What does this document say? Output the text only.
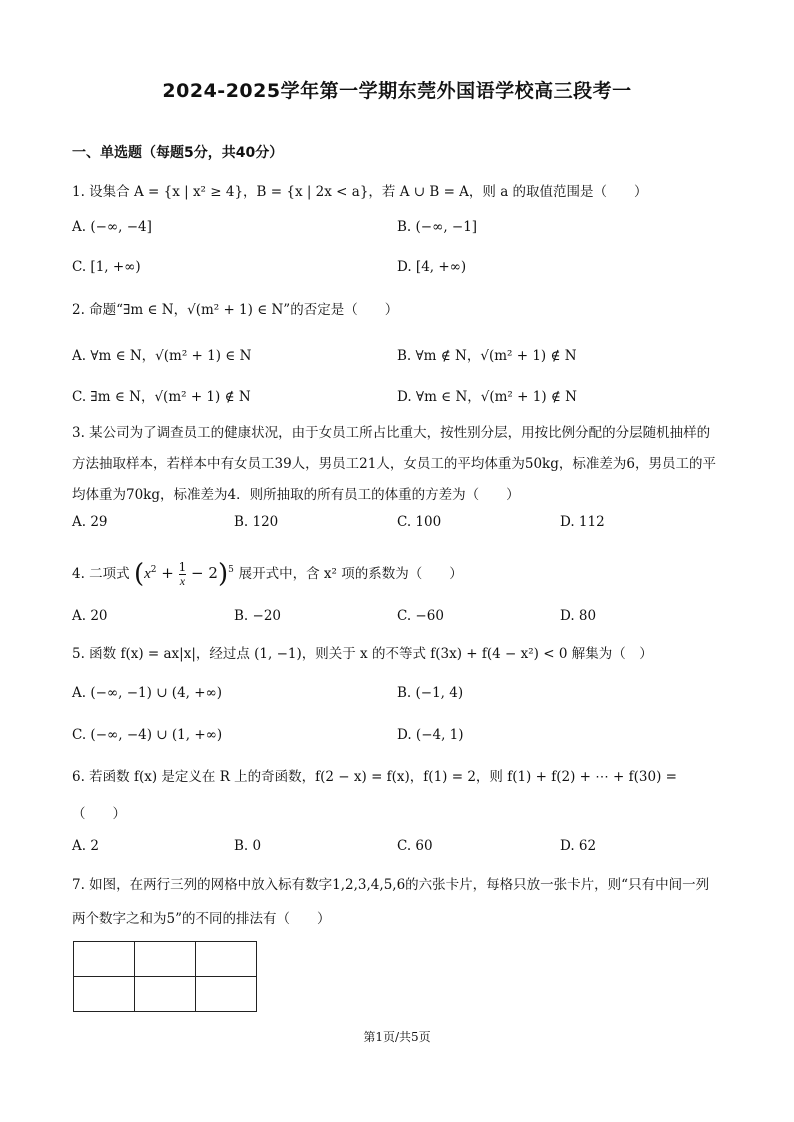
2024-2025学年第一学期东莞外国语学校高三段考一
一、单选题（每题5分，共40分）
1. 设集合 A = {x | x² ≥ 4}，B = {x | 2x < a}，若 A ∪ B = A，则 a 的取值范围是（　　）
A. (−∞, −4]	B. (−∞, −1]
C. [1, +∞)	D. [4, +∞)
2. 命题“∃m ∈ N，√(m² + 1) ∈ N”的否定是（　　）
A. ∀m ∈ N，√(m² + 1) ∈ N	B. ∀m ∉ N，√(m² + 1) ∉ N
C. ∃m ∈ N，√(m² + 1) ∉ N	D. ∀m ∈ N，√(m² + 1) ∉ N
3. 某公司为了调查员工的健康状况，由于女员工所占比重大，按性别分层，用按比例分配的分层随机抽样的方法抽取样本，若样本中有女员工39人，男员工21人，女员工的平均体重为50kg，标准差为6，男员工的平均体重为70kg，标准差为4．则所抽取的所有员工的体重的方差为（　　）
A. 29	B. 120	C. 100	D. 112
4. 二项式 $(x^2 + \frac{1}{x} - 2)^5$ 展开式中，含 x² 项的系数为（　　）
A. 20	B. −20	C. −60	D. 80
5. 函数 f(x) = ax|x|，经过点 (1, −1)，则关于 x 的不等式 f(3x) + f(4 − x²) < 0 解集为（　）
A. (−∞, −1) ∪ (4, +∞)	B. (−1, 4)
C. (−∞, −4) ∪ (1, +∞)	D. (−4, 1)
6. 若函数 f(x) 是定义在 R 上的奇函数，f(2 − x) = f(x)，f(1) = 2，则 f(1) + f(2) + ⋯ + f(30) =
（　　）
A. 2	B. 0	C. 60	D. 62
7. 如图，在两行三列的网格中放入标有数字1,2,3,4,5,6的六张卡片，每格只放一张卡片，则“只有中间一列两个数字之和为5”的不同的排法有（　　）

第1页/共5页
